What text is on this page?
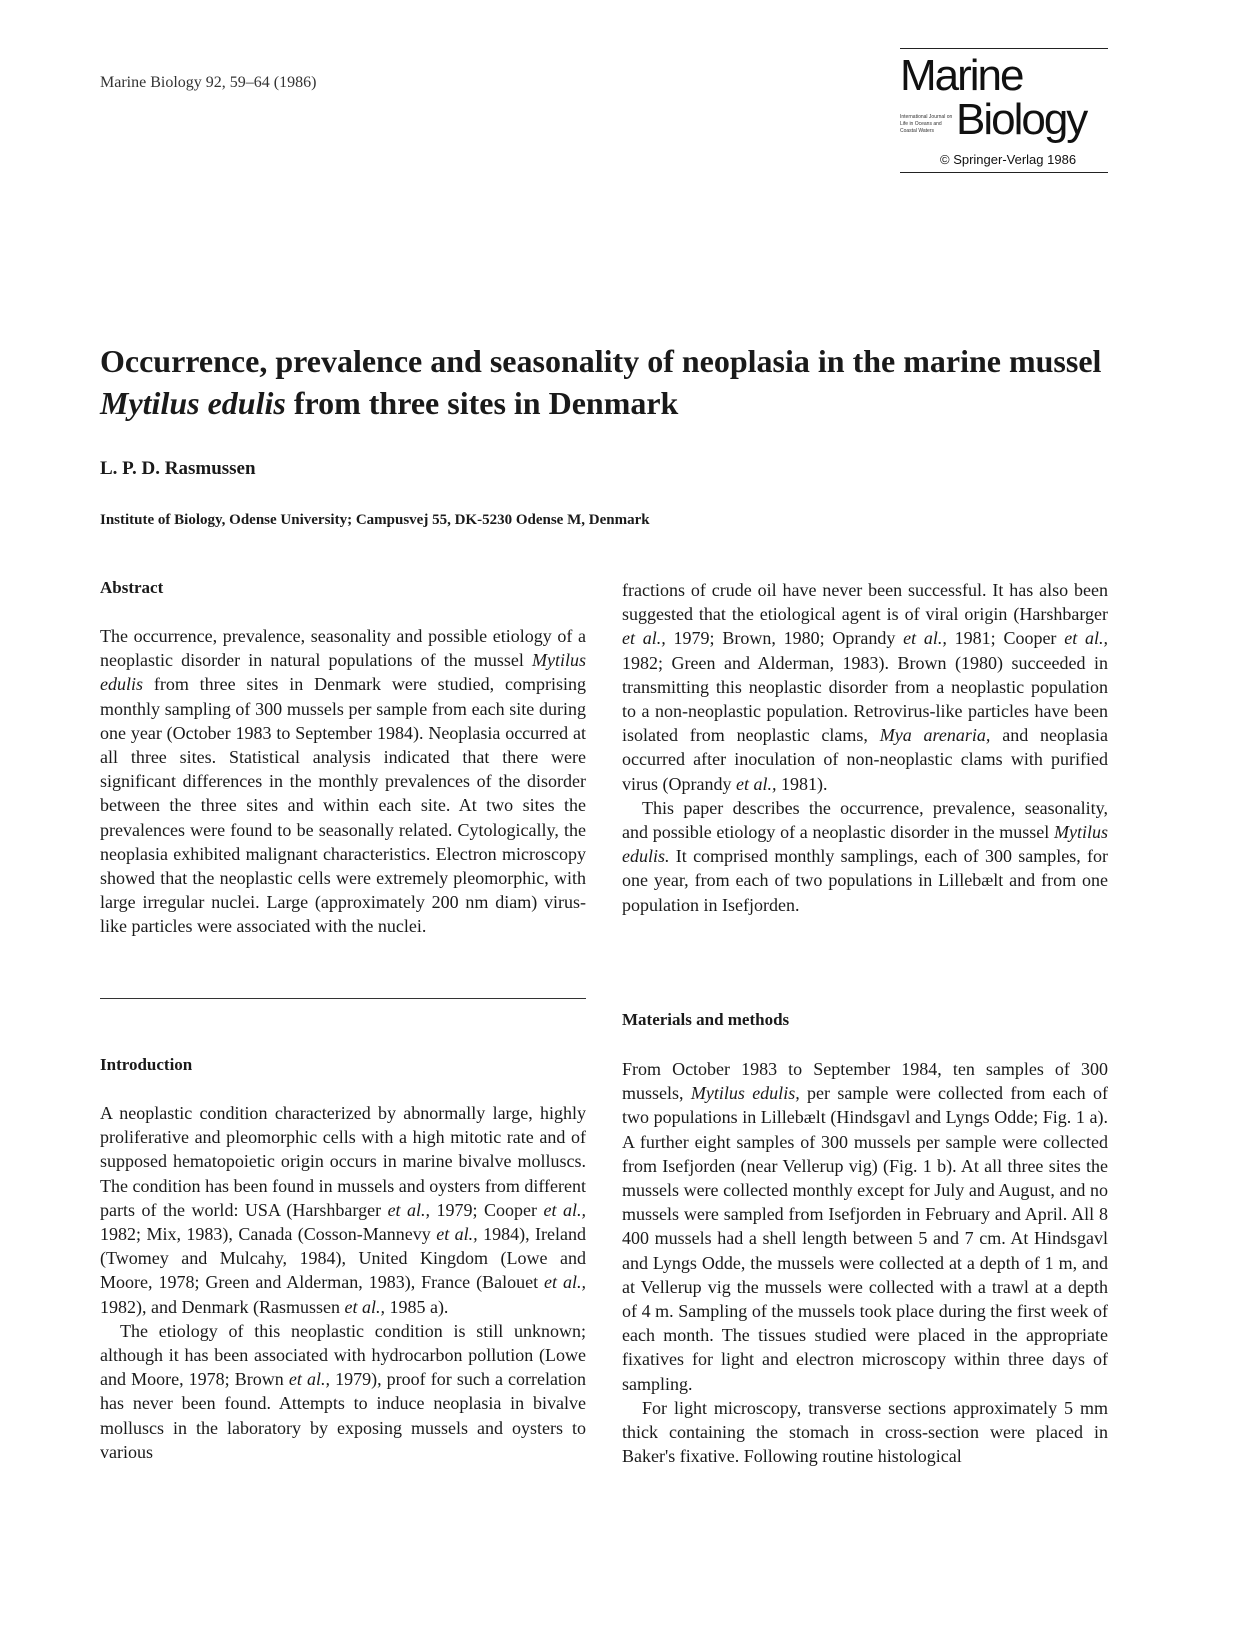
Marine Biology 92, 59–64 (1986)	Marine
International Journal on Life in Oceans and Coastal Waters Biology
© Springer-Verlag 1986
Occurrence, prevalence and seasonality of neoplasia in the marine mussel Mytilus edulis from three sites in Denmark
L. P. D. Rasmussen
Institute of Biology, Odense University; Campusvej 55, DK-5230 Odense M, Denmark
Abstract

The occurrence, prevalence, seasonality and possible etiology of a neoplastic disorder in natural populations of the mussel Mytilus edulis from three sites in Denmark were studied, comprising monthly sampling of 300 mussels per sample from each site during one year (October 1983 to September 1984). Neoplasia occurred at all three sites. Statistical analysis indicated that there were significant differences in the monthly prevalences of the disorder between the three sites and within each site. At two sites the prevalences were found to be seasonally related. Cytologically, the neoplasia exhibited malignant characteristics. Electron microscopy showed that the neoplastic cells were extremely pleomorphic, with large irregular nuclei. Large (approximately 200 nm diam) virus-like particles were associated with the nuclei.

Introduction

A neoplastic condition characterized by abnormally large, highly proliferative and pleomorphic cells with a high mitotic rate and of supposed hematopoietic origin occurs in marine bivalve molluscs. The condition has been found in mussels and oysters from different parts of the world: USA (Harshbarger et al., 1979; Cooper et al., 1982; Mix, 1983), Canada (Cosson-Mannevy et al., 1984), Ireland (Twomey and Mulcahy, 1984), United Kingdom (Lowe and Moore, 1978; Green and Alderman, 1983), France (Balouet et al., 1982), and Denmark (Rasmussen et al., 1985 a).

The etiology of this neoplastic condition is still unknown; although it has been associated with hydrocarbon pollution (Lowe and Moore, 1978; Brown et al., 1979), proof for such a correlation has never been found. Attempts to induce neoplasia in bivalve molluscs in the laboratory by exposing mussels and oysters to various

fractions of crude oil have never been successful. It has also been suggested that the etiological agent is of viral origin (Harshbarger et al., 1979; Brown, 1980; Oprandy et al., 1981; Cooper et al., 1982; Green and Alderman, 1983). Brown (1980) succeeded in transmitting this neoplastic disorder from a neoplastic population to a non-neoplastic population. Retrovirus-like particles have been isolated from neoplastic clams, Mya arenaria, and neoplasia occurred after inoculation of non-neoplastic clams with purified virus (Oprandy et al., 1981).

This paper describes the occurrence, prevalence, seasonality, and possible etiology of a neoplastic disorder in the mussel Mytilus edulis. It comprised monthly samplings, each of 300 samples, for one year, from each of two populations in Lillebælt and from one population in Isefjorden.

Materials and methods

From October 1983 to September 1984, ten samples of 300 mussels, Mytilus edulis, per sample were collected from each of two populations in Lillebælt (Hindsgavl and Lyngs Odde; Fig. 1 a). A further eight samples of 300 mussels per sample were collected from Isefjorden (near Vellerup vig) (Fig. 1 b). At all three sites the mussels were collected monthly except for July and August, and no mussels were sampled from Isefjorden in February and April. All 8 400 mussels had a shell length between 5 and 7 cm. At Hindsgavl and Lyngs Odde, the mussels were collected at a depth of 1 m, and at Vellerup vig the mussels were collected with a trawl at a depth of 4 m. Sampling of the mussels took place during the first week of each month. The tissues studied were placed in the appropriate fixatives for light and electron microscopy within three days of sampling.

For light microscopy, transverse sections approximately 5 mm thick containing the stomach in cross-section were placed in Baker's fixative. Following routine histological
